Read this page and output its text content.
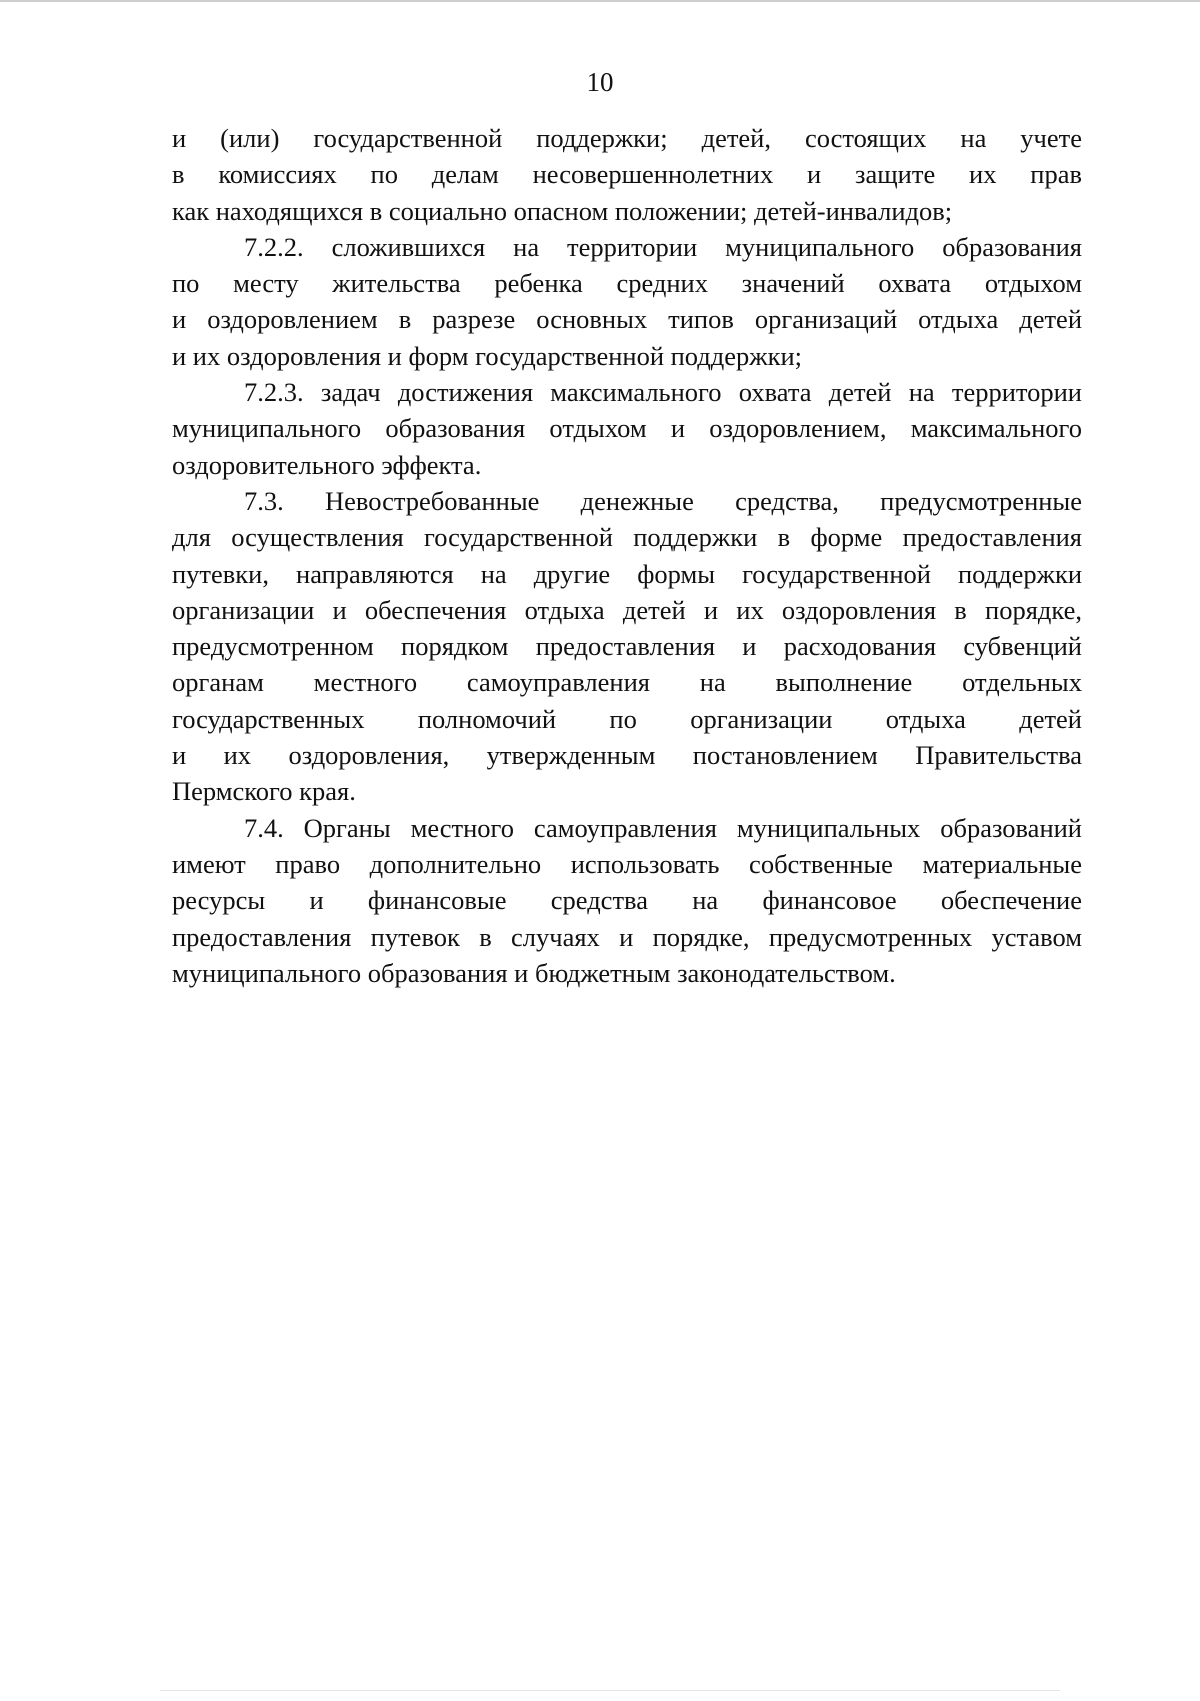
10

и (или) государственной поддержки; детей, состоящих на учете
в комиссиях по делам несовершеннолетних и защите их прав
как находящихся в социально опасном положении; детей-инвалидов;

7.2.2. сложившихся на территории муниципального образования
по месту жительства ребенка средних значений охвата отдыхом
и оздоровлением в разрезе основных типов организаций отдыха детей
и их оздоровления и форм государственной поддержки;

7.2.3. задач достижения максимального охвата детей на территории
муниципального образования отдыхом и оздоровлением, максимального
оздоровительного эффекта.

7.3. Невостребованные денежные средства, предусмотренные
для осуществления государственной поддержки в форме предоставления
путевки, направляются на другие формы государственной поддержки
организации и обеспечения отдыха детей и их оздоровления в порядке,
предусмотренном порядком предоставления и расходования субвенций
органам местного самоуправления на выполнение отдельных
государственных полномочий по организации отдыха детей
и их оздоровления, утвержденным постановлением Правительства
Пермского края.

7.4. Органы местного самоуправления муниципальных образований
имеют право дополнительно использовать собственные материальные
ресурсы и финансовые средства на финансовое обеспечение
предоставления путевок в случаях и порядке, предусмотренных уставом
муниципального образования и бюджетным законодательством.
